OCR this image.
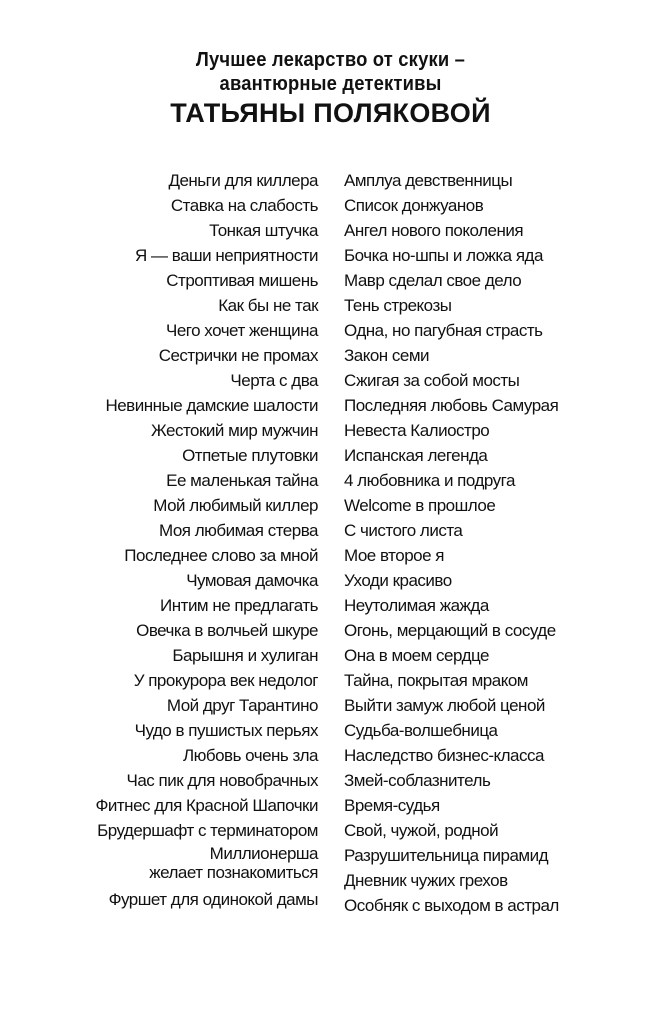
Лучшее лекарство от скуки –
авантюрные детективы
ТАТЬЯНЫ ПОЛЯКОВОЙ
Деньги для киллера
Ставка на слабость
Тонкая штучка
Я — ваши неприятности
Строптивая мишень
Как бы не так
Чего хочет женщина
Сестрички не промах
Черта с два
Невинные дамские шалости
Жестокий мир мужчин
Отпетые плутовки
Ее маленькая тайна
Мой любимый киллер
Моя любимая стерва
Последнее слово за мной
Чумовая дамочка
Интим не предлагать
Овечка в волчьей шкуре
Барышня и хулиган
У прокурора век недолог
Мой друг Тарантино
Чудо в пушистых перьях
Любовь очень зла
Час пик для новобрачных
Фитнес для Красной Шапочки
Брудершафт с терминатором
Миллионерша
желает познакомиться
Фуршет для одинокой дамы
Амплуа девственницы
Список донжуанов
Ангел нового поколения
Бочка но-шпы и ложка яда
Мавр сделал свое дело
Тень стрекозы
Одна, но пагубная страсть
Закон семи
Сжигая за собой мосты
Последняя любовь Самурая
Невеста Калиостро
Испанская легенда
4 любовника и подруга
Welcome в прошлое
С чистого листа
Мое второе я
Уходи красиво
Неутолимая жажда
Огонь, мерцающий в сосуде
Она в моем сердце
Тайна, покрытая мраком
Выйти замуж любой ценой
Судьба-волшебница
Наследство бизнес-класса
Змей-соблазнитель
Время-судья
Свой, чужой, родной
Разрушительница пирамид
Дневник чужих грехов
Особняк с выходом в астрал
